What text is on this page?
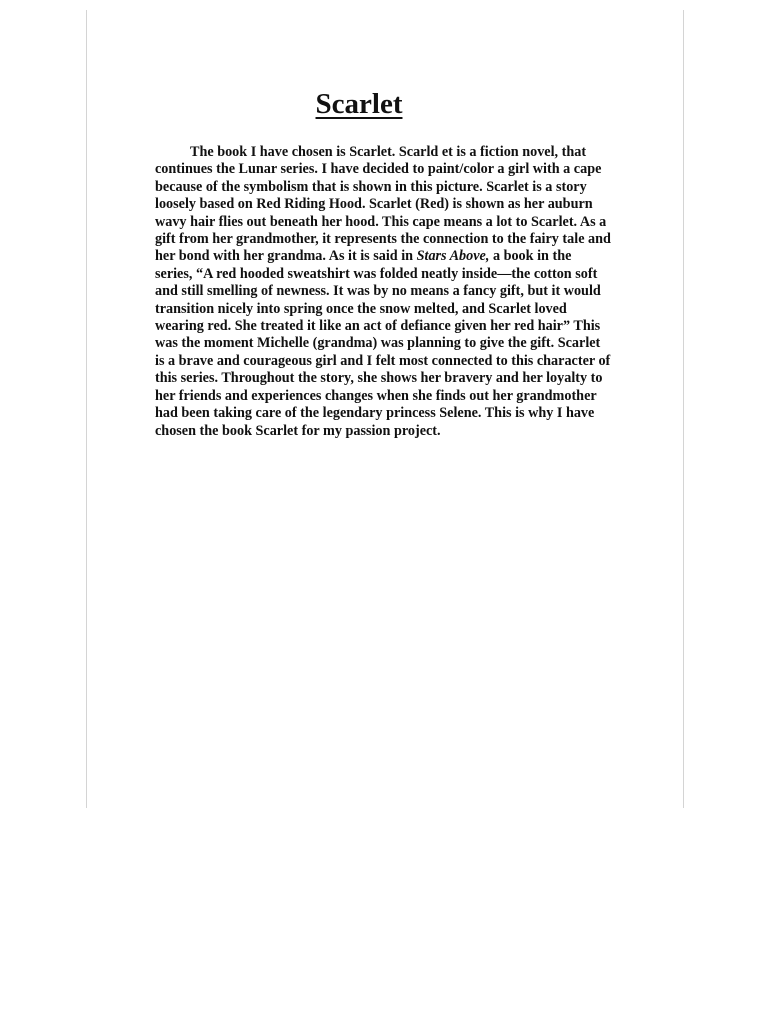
Scarlet

The book I have chosen is Scarlet. Scarld et is a fiction novel, that continues the Lunar series. I have decided to paint/color a girl with a cape because of the symbolism that is shown in this picture. Scarlet is a story loosely based on Red Riding Hood. Scarlet (Red) is shown as her auburn wavy hair flies out beneath her hood. This cape means a lot to Scarlet. As a gift from her grandmother, it represents the connection to the fairy tale and her bond with her grandma. As it is said in Stars Above, a book in the series, “A red hooded sweatshirt was folded neatly inside—the cotton soft and still smelling of newness. It was by no means a fancy gift, but it would transition nicely into spring once the snow melted, and Scarlet loved wearing red. She treated it like an act of defiance given her red hair” This was the moment Michelle (grandma) was planning to give the gift. Scarlet is a brave and courageous girl and I felt most connected to this character of this series. Throughout the story, she shows her bravery and her loyalty to her friends and experiences changes when she finds out her grandmother had been taking care of the legendary princess Selene. This is why I have chosen the book Scarlet for my passion project.
